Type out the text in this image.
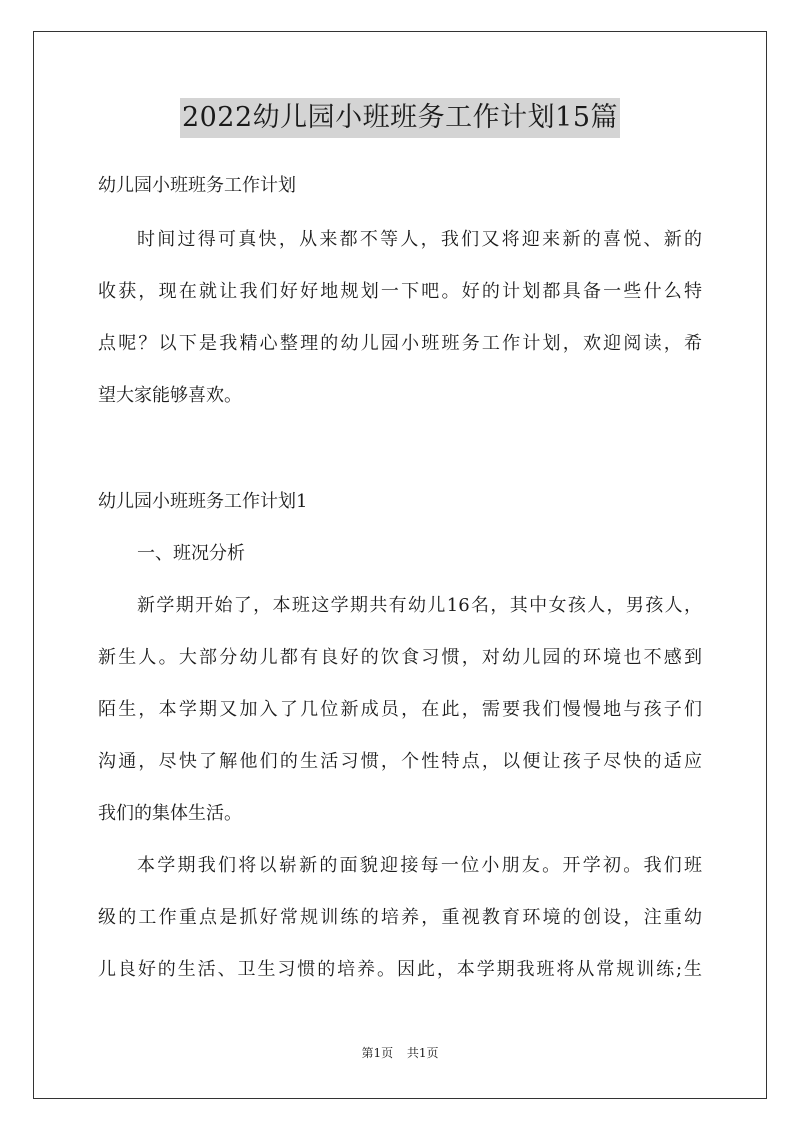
2022幼儿园小班班务工作计划15篇
幼儿园小班班务工作计划
时间过得可真快，从来都不等人，我们又将迎来新的喜悦、新的
收获，现在就让我们好好地规划一下吧。好的计划都具备一些什么特
点呢？以下是我精心整理的幼儿园小班班务工作计划，欢迎阅读，希
望大家能够喜欢。
幼儿园小班班务工作计划1
一、班况分析
新学期开始了，本班这学期共有幼儿16名，其中女孩人，男孩人，
新生人。大部分幼儿都有良好的饮食习惯，对幼儿园的环境也不感到
陌生，本学期又加入了几位新成员，在此，需要我们慢慢地与孩子们
沟通，尽快了解他们的生活习惯，个性特点，以便让孩子尽快的适应
我们的集体生活。
本学期我们将以崭新的面貌迎接每一位小朋友。开学初。我们班
级的工作重点是抓好常规训练的培养，重视教育环境的创设，注重幼
儿良好的生活、卫生习惯的培养。因此，本学期我班将从常规训练;生
第1页 共1页
